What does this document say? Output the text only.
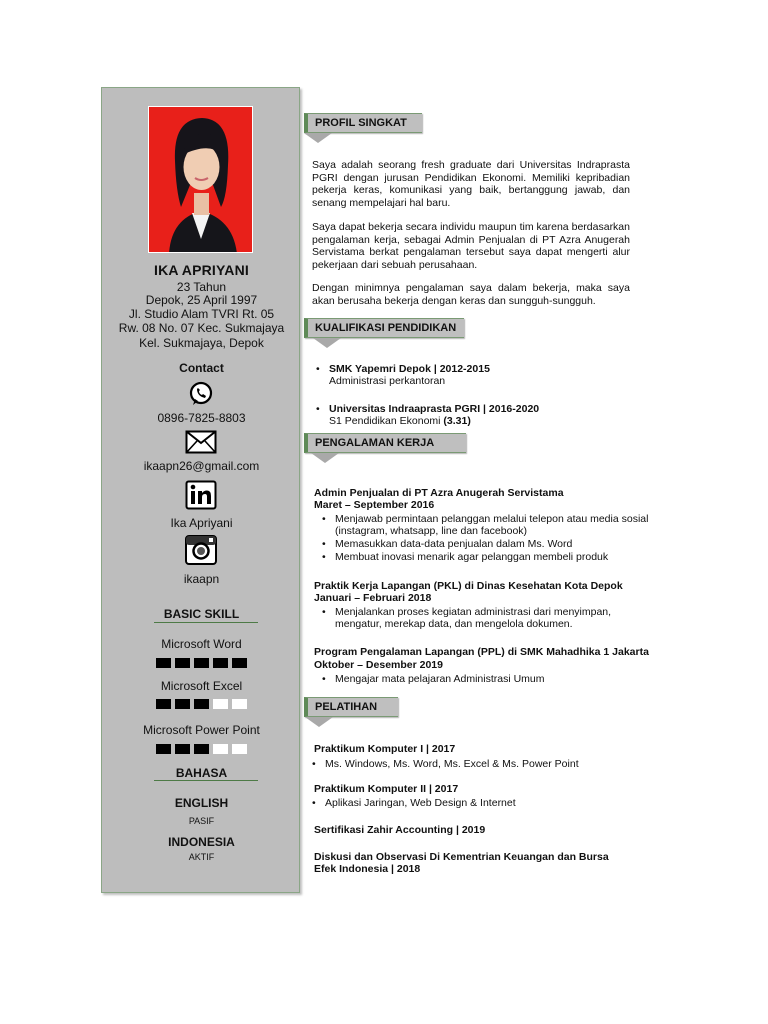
IKA APRIYANI
23 Tahun
Depok, 25 April 1997
Jl. Studio Alam TVRI Rt. 05
Rw. 08 No. 07 Kec. Sukmajaya
Kel. Sukmajaya, Depok
Contact
0896-7825-8803
ikaapn26@gmail.com
Ika Apriyani
ikaapn
BASIC SKILL
Microsoft Word
Microsoft Excel
Microsoft Power Point
BAHASA
ENGLISH
PASIF
INDONESIA
AKTIF
PROFIL SINGKAT
Saya adalah seorang fresh graduate dari Universitas Indraprasta PGRI dengan jurusan Pendidikan Ekonomi. Memiliki kepribadian pekerja keras, komunikasi yang baik, bertanggung jawab, dan senang mempelajari hal baru.
Saya dapat bekerja secara individu maupun tim karena berdasarkan pengalaman kerja, sebagai Admin Penjualan di PT Azra Anugerah Servistama berkat pengalaman tersebut saya dapat mengerti alur pekerjaan dari sebuah perusahaan.
Dengan minimnya pengalaman saya dalam bekerja, maka saya akan berusaha bekerja dengan keras dan sungguh-sungguh.
KUALIFIKASI PENDIDIKAN
• SMK Yapemri Depok | 2012-2015
Administrasi perkantoran
• Universitas Indraaprasta PGRI | 2016-2020
S1 Pendidikan Ekonomi (3.31)
PENGALAMAN KERJA
Admin Penjualan di PT Azra Anugerah Servistama
Maret – September 2016
• Menjawab permintaan pelanggan melalui telepon atau media sosial (instagram, whatsapp, line dan facebook)
• Memasukkan data-data penjualan dalam Ms. Word
• Membuat inovasi menarik agar pelanggan membeli produk
Praktik Kerja Lapangan (PKL) di Dinas Kesehatan Kota Depok
Januari – Februari 2018
• Menjalankan proses kegiatan administrasi dari menyimpan, mengatur, merekap data, dan mengelola dokumen.
Program Pengalaman Lapangan (PPL) di SMK Mahadhika 1 Jakarta
Oktober – Desember 2019
• Mengajar mata pelajaran Administrasi Umum
PELATIHAN
Praktikum Komputer I | 2017
• Ms. Windows, Ms. Word, Ms. Excel & Ms. Power Point
Praktikum Komputer II | 2017
• Aplikasi Jaringan, Web Design & Internet
Sertifikasi Zahir Accounting | 2019
Diskusi dan Observasi Di Kementrian Keuangan dan Bursa Efek Indonesia | 2018
